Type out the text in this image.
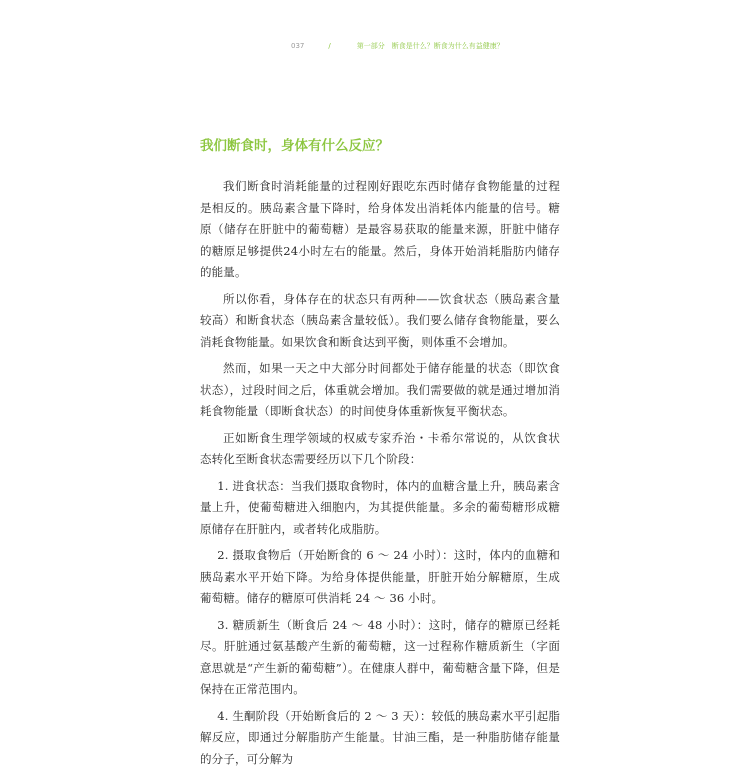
037	/	第一部分　断食是什么？断食为什么有益健康？
我们断食时，身体有什么反应？

我们断食时消耗能量的过程刚好跟吃东西时储存食物能量的过程是相反的。胰岛素含量下降时，给身体发出消耗体内能量的信号。糖原（储存在肝脏中的葡萄糖）是最容易获取的能量来源，肝脏中储存的糖原足够提供24小时左右的能量。然后，身体开始消耗脂肪内储存的能量。

所以你看，身体存在的状态只有两种——饮食状态（胰岛素含量较高）和断食状态（胰岛素含量较低）。我们要么储存食物能量，要么消耗食物能量。如果饮食和断食达到平衡，则体重不会增加。

然而，如果一天之中大部分时间都处于储存能量的状态（即饮食状态），过段时间之后，体重就会增加。我们需要做的就是通过增加消耗食物能量（即断食状态）的时间使身体重新恢复平衡状态。

正如断食生理学领域的权威专家乔治・卡希尔常说的，从饮食状态转化至断食状态需要经历以下几个阶段：

1. 进食状态：当我们摄取食物时，体内的血糖含量上升，胰岛素含量上升，使葡萄糖进入细胞内，为其提供能量。多余的葡萄糖形成糖原储存在肝脏内，或者转化成脂肪。

2. 摄取食物后（开始断食的 6 ～ 24 小时）：这时，体内的血糖和胰岛素水平开始下降。为给身体提供能量，肝脏开始分解糖原，生成葡萄糖。储存的糖原可供消耗 24 ～ 36 小时。

3. 糖质新生（断食后 24 ～ 48 小时）：这时，储存的糖原已经耗尽。肝脏通过氨基酸产生新的葡萄糖，这一过程称作糖质新生（字面意思就是“产生新的葡萄糖”）。在健康人群中，葡萄糖含量下降，但是保持在正常范围内。

4. 生酮阶段（开始断食后的 2 ～ 3 天）：较低的胰岛素水平引起脂解反应，即通过分解脂肪产生能量。甘油三酯，是一种脂肪储存能量的分子，可分解为
